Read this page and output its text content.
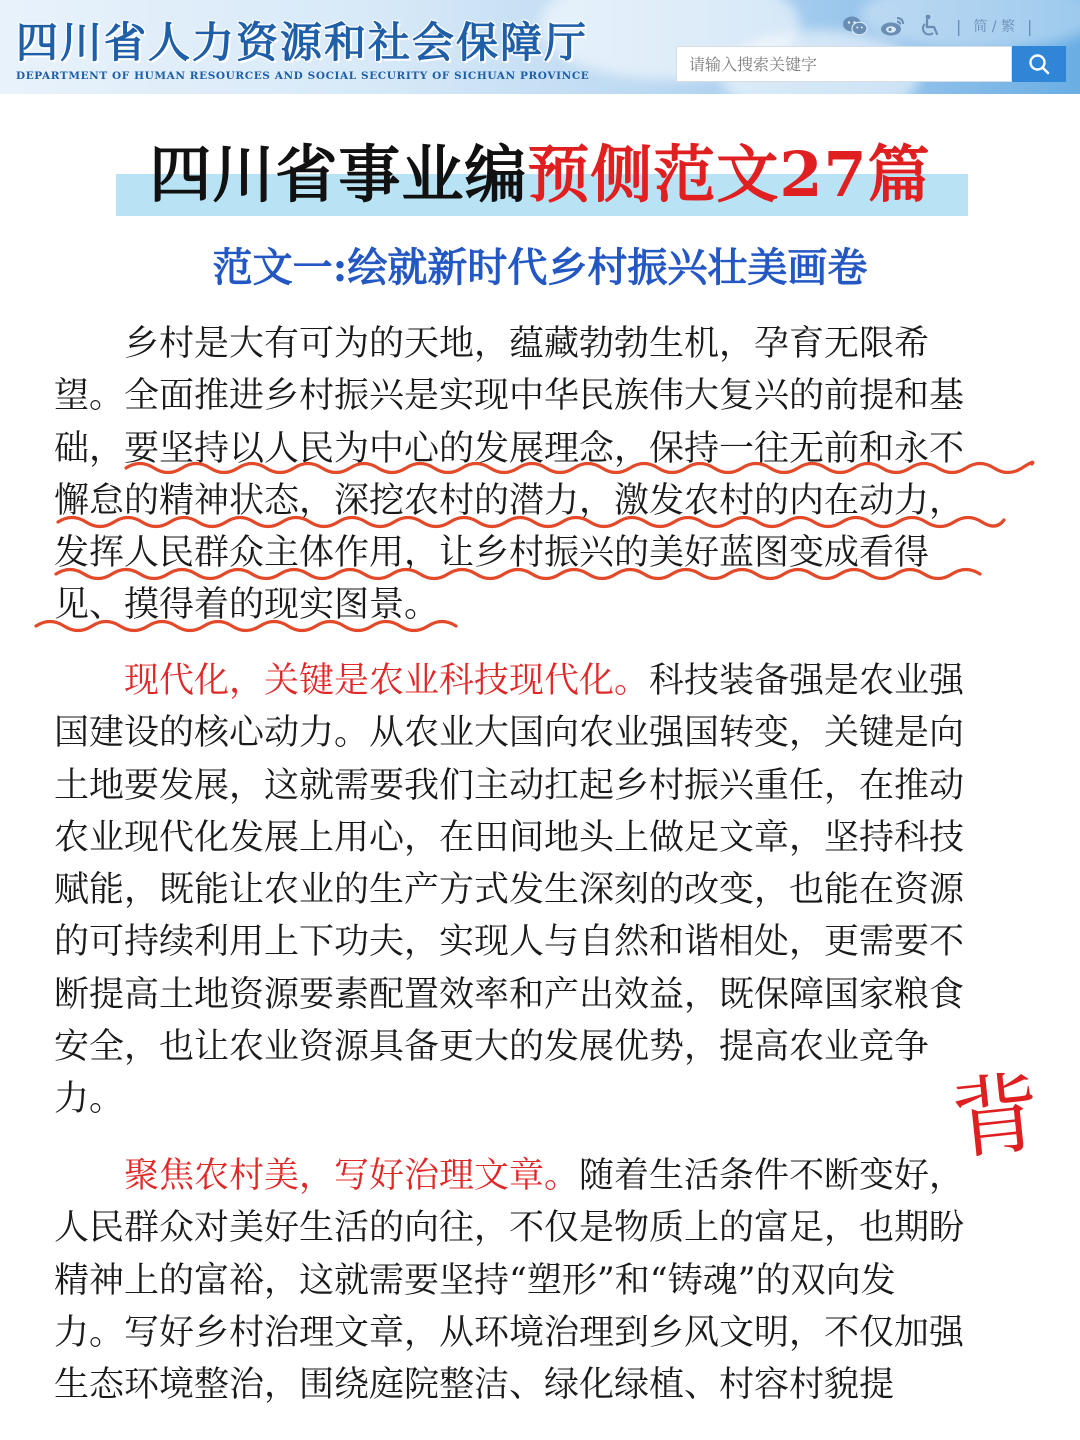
四川省人力资源和社会保障厅
DEPARTMENT OF HUMAN RESOURCES AND SOCIAL SECURITY OF SICHUAN PROVINCE
| 简 / 繁 |
请输入搜索关键字
四川省事业编预侧范文27篇
范文一:绘就新时代乡村振兴壮美画卷
　　乡村是大有可为的天地，蕴藏勃勃生机，孕育无限希
望。全面推进乡村振兴是实现中华民族伟大复兴的前提和基
础，要坚持以人民为中心的发展理念，保持一往无前和永不
懈怠的精神状态，深挖农村的潜力，激发农村的内在动力，
发挥人民群众主体作用，让乡村振兴的美好蓝图变成看得
见、摸得着的现实图景。
　　现代化，关键是农业科技现代化。科技装备强是农业强
国建设的核心动力。从农业大国向农业强国转变，关键是向
土地要发展，这就需要我们主动扛起乡村振兴重任，在推动
农业现代化发展上用心，在田间地头上做足文章，坚持科技
赋能，既能让农业的生产方式发生深刻的改变，也能在资源
的可持续利用上下功夫，实现人与自然和谐相处，更需要不
断提高土地资源要素配置效率和产出效益，既保障国家粮食
安全，也让农业资源具备更大的发展优势，提高农业竞争
力。
　　聚焦农村美，写好治理文章。随着生活条件不断变好，
人民群众对美好生活的向往，不仅是物质上的富足，也期盼
精神上的富裕，这就需要坚持“塑形”和“铸魂”的双向发
力。写好乡村治理文章，从环境治理到乡风文明，不仅加强
生态环境整治，围绕庭院整洁、绿化绿植、村容村貌提
背
